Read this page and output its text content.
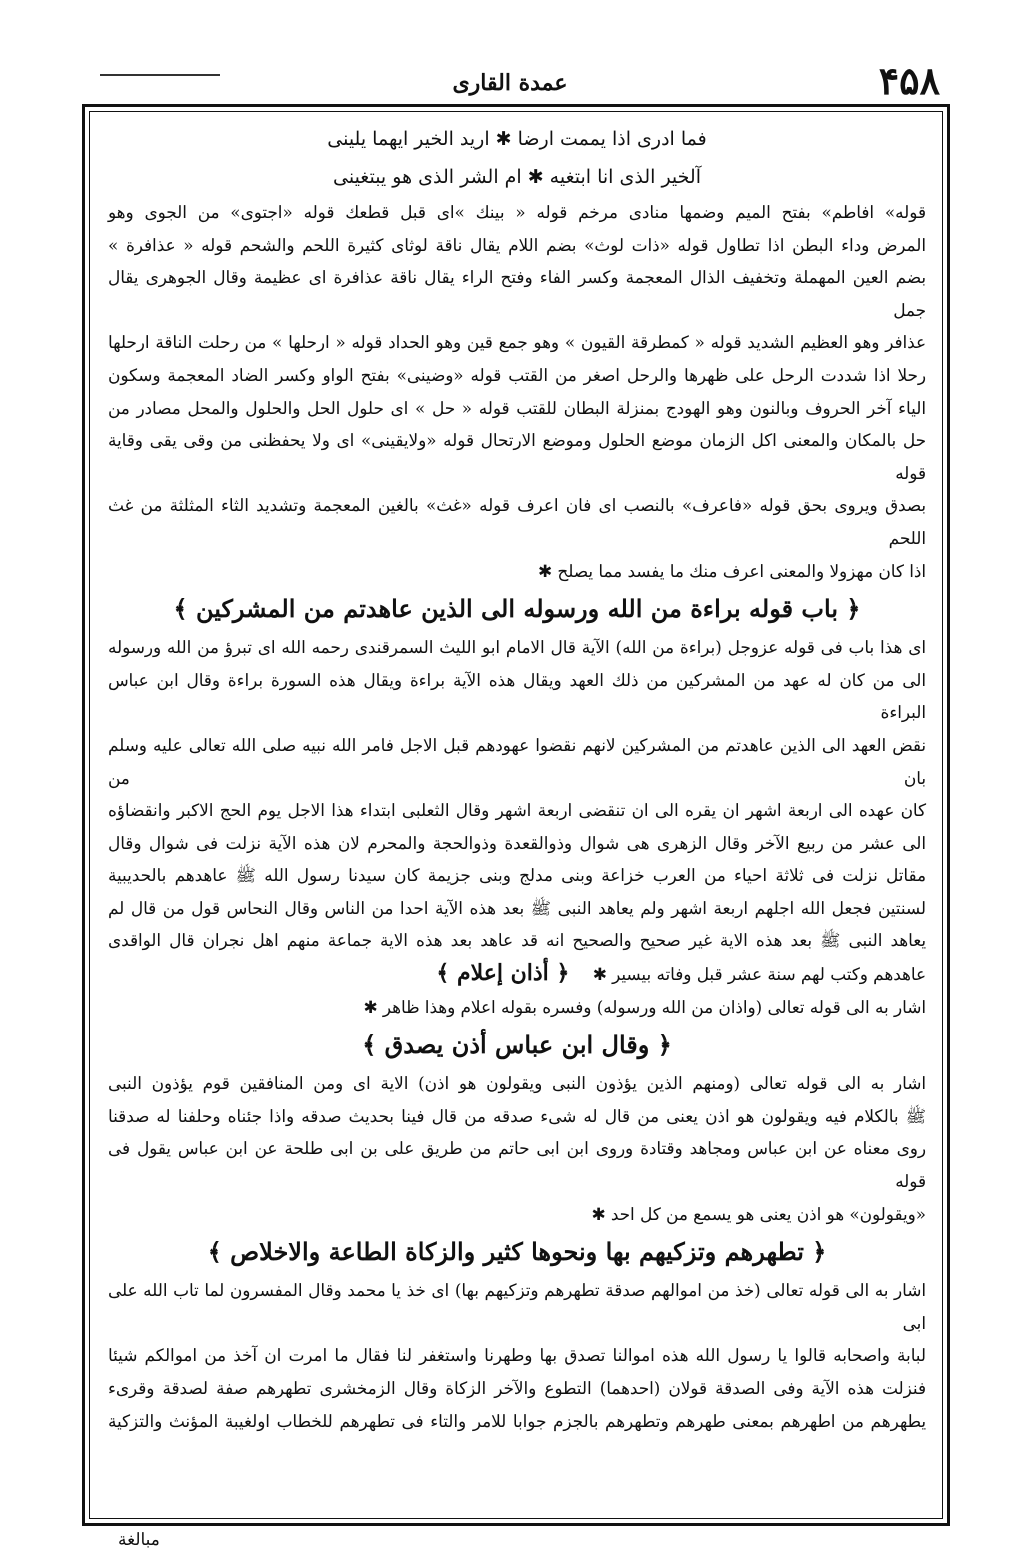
عمدة القارى	۴۵۸
فما ادرى اذا يممت ارضا ✱ اريد الخير ايهما يلينى
آلخير الذى انا ابتغيه ✱ ام الشر الذى هو يبتغينى

قوله» افاطم» بفتح الميم وضمها منادى مرخم قوله « بينك »اى قبل قطعك قوله «اجتوى» من الجوى وهو

المرض وداء البطن اذا تطاول قوله «ذات لوث» بضم اللام يقال ناقة لوثاى كثيرة اللحم والشحم قوله « عذافرة »

بضم العين المهملة وتخفيف الذال المعجمة وكسر الفاء وفتح الراء يقال ناقة عذافرة اى عظيمة وقال الجوهرى يقال جمل

عذافر وهو العظيم الشديد قوله « كمطرقة القيون » وهو جمع قين وهو الحداد قوله « ارحلها » من رحلت الناقة ارحلها

رحلا اذا شددت الرحل على ظهرها والرحل اصغر من القتب قوله «وضينى» بفتح الواو وكسر الضاد المعجمة وسكون

الياء آخر الحروف وبالنون وهو الهودج بمنزلة البطان للقتب قوله « حل » اى حلول الحل والحلول والمحل مصادر من

حل بالمكان والمعنى اكل الزمان موضع الحلول وموضع الارتحال قوله «ولايقينى» اى ولا يحفظنى من وقى يقى وقاية قوله

بصدق ويروى بحق قوله «فاعرف» بالنصب اى فان اعرف قوله «غث» بالغين المعجمة وتشديد الثاء المثلثة من غث اللحم

اذا كان مهزولا والمعنى اعرف منك ما يفسد مما يصلح ✱

﴿ باب قوله براءة من الله ورسوله الى الذين عاهدتم من المشركين ﴾

اى هذا باب فى قوله عزوجل (براءة من الله) الآية قال الامام ابو الليث السمرقندى رحمه الله اى تبرؤ من الله ورسوله

الى من كان له عهد من المشركين من ذلك العهد ويقال هذه الآية براءة ويقال هذه السورة براءة وقال ابن عباس البراءة

نقض العهد الى الذين عاهدتم من المشركين لانهم نقضوا عهودهم قبل الاجل فامر الله نبيه صلى الله تعالى عليه وسلم بان من

كان عهده الى اربعة اشهر ان يقره الى ان تنقضى اربعة اشهر وقال الثعلبى ابتداء هذا الاجل يوم الحج الاكبر وانقضاؤه

الى عشر من ربيع الآخر وقال الزهرى هى شوال وذوالقعدة وذوالحجة والمحرم لان هذه الآية نزلت فى شوال وقال

مقاتل نزلت فى ثلاثة احياء من العرب خزاعة وبنى مدلج وبنى جزيمة كان سيدنا رسول الله ﷺ عاهدهم بالحديبية

لسنتين فجعل الله اجلهم اربعة اشهر ولم يعاهد النبى ﷺ بعد هذه الآية احدا من الناس وقال النحاس قول من قال لم

يعاهد النبى ﷺ بعد هذه الاية غير صحيح والصحيح انه قد عاهد بعد هذه الاية جماعة منهم اهل نجران قال الواقدى

عاهدهم وكتب لهم سنة عشر قبل وفاته بيسير ✱ ﴿ أذان إعلام ﴾

اشار به الى قوله تعالى (واذان من الله ورسوله) وفسره بقوله اعلام وهذا ظاهر ✱

﴿ وقال ابن عباس أذن يصدق ﴾

اشار به الى قوله تعالى (ومنهم الذين يؤذون النبى ويقولون هو اذن) الاية اى ومن المنافقين قوم يؤذون النبى

ﷺ بالكلام فيه ويقولون هو اذن يعنى من قال له شىء صدقه من قال فينا بحديث صدقه واذا جئناه وحلفنا له صدقنا

روى معناه عن ابن عباس ومجاهد وقتادة وروى ابن ابى حاتم من طريق على بن ابى طلحة عن ابن عباس يقول فى قوله

«ويقولون» هو اذن يعنى هو يسمع من كل احد ✱

﴿ تطهرهم وتزكيهم بها ونحوها كثير والزكاة الطاعة والاخلاص ﴾

اشار به الى قوله تعالى (خذ من اموالهم صدقة تطهرهم وتزكيهم بها) اى خذ يا محمد وقال المفسرون لما تاب الله على ابى

لبابة واصحابه قالوا يا رسول الله هذه اموالنا تصدق بها وطهرنا واستغفر لنا فقال ما امرت ان آخذ من اموالكم شيئا

فنزلت هذه الآية وفى الصدقة قولان (احدهما) التطوع والآخر الزكاة وقال الزمخشرى تطهرهم صفة لصدقة وقرىء

يطهرهم من اطهرهم بمعنى طهرهم وتطهرهم بالجزم جوابا للامر والتاء فى تطهرهم للخطاب اولغيبة المؤنث والتزكية

مبالغة
